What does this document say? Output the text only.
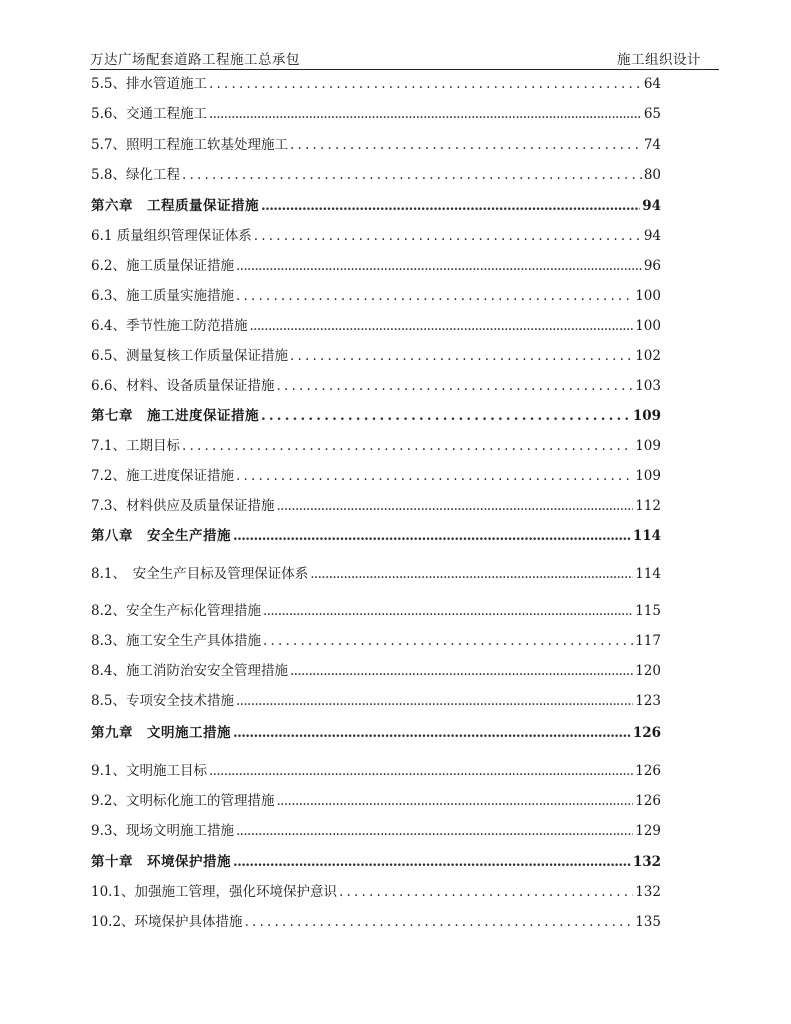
万达广场配套道路工程施工总承包	施工组织设计
5.5、排水管道施工 .....	64
5.6、交通工程施工 .....	65
5.7、照明工程施工软基处理施工 .....	74
5.8、绿化工程 .....	80
第六章　工程质量保证措施 .....	94
6.1 质量组织管理保证体系 .....	94
6.2、施工质量保证措施 .....	96
6.3、施工质量实施措施 .....	100
6.4、季节性施工防范措施 .....	100
6.5、测量复核工作质量保证措施 .....	102
6.6、材料、设备质量保证措施 .....	103
第七章　施工进度保证措施 .....	109
7.1、工期目标 .....	109
7.2、施工进度保证措施 .....	109
7.3、材料供应及质量保证措施 .....	112
第八章　安全生产措施 .....	114
8.1、　安全生产目标及管理保证体系 .....	114
8.2、安全生产标化管理措施 .....	115
8.3、施工安全生产具体措施 .....	117
8.4、施工消防治安安全管理措施 .....	120
8.5、专项安全技术措施 .....	123
第九章　文明施工措施 .....	126
9.1、文明施工目标 .....	126
9.2、文明标化施工的管理措施 .....	126
9.3、现场文明施工措施 .....	129
第十章　环境保护措施 .....	132
10.1、加强施工管理，强化环境保护意识 .....	132
10.2、环境保护具体措施 .....	135
